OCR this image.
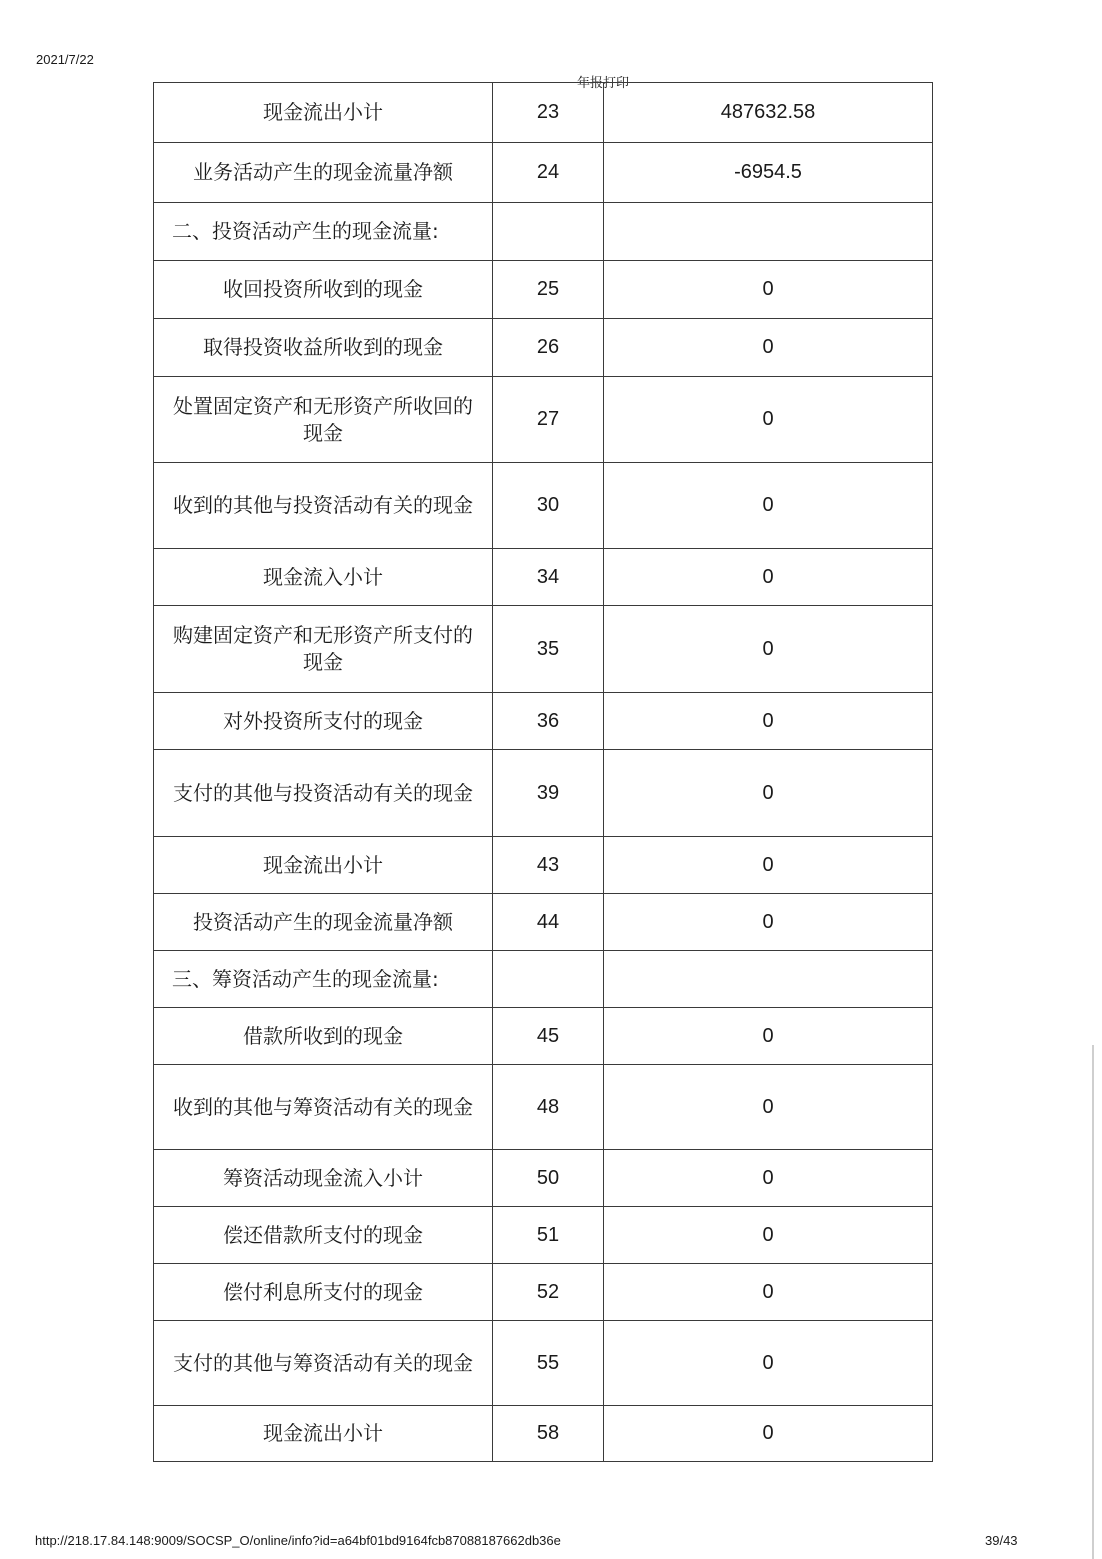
2021/7/22
年报打印
现金流出小计	23	487632.58
业务活动产生的现金流量净额	24	-6954.5
二、投资活动产生的现金流量:		
收回投资所收到的现金	25	0
取得投资收益所收到的现金	26	0
处置固定资产和无形资产所收回的现金	27	0
收到的其他与投资活动有关的现金	30	0
现金流入小计	34	0
购建固定资产和无形资产所支付的现金	35	0
对外投资所支付的现金	36	0
支付的其他与投资活动有关的现金	39	0
现金流出小计	43	0
投资活动产生的现金流量净额	44	0
三、筹资活动产生的现金流量:		
借款所收到的现金	45	0
收到的其他与筹资活动有关的现金	48	0
筹资活动现金流入小计	50	0
偿还借款所支付的现金	51	0
偿付利息所支付的现金	52	0
支付的其他与筹资活动有关的现金	55	0
现金流出小计	58	0
http://218.17.84.148:9009/SOCSP_O/online/info?id=a64bf01bd9164fcb87088187662db36e	39/43
